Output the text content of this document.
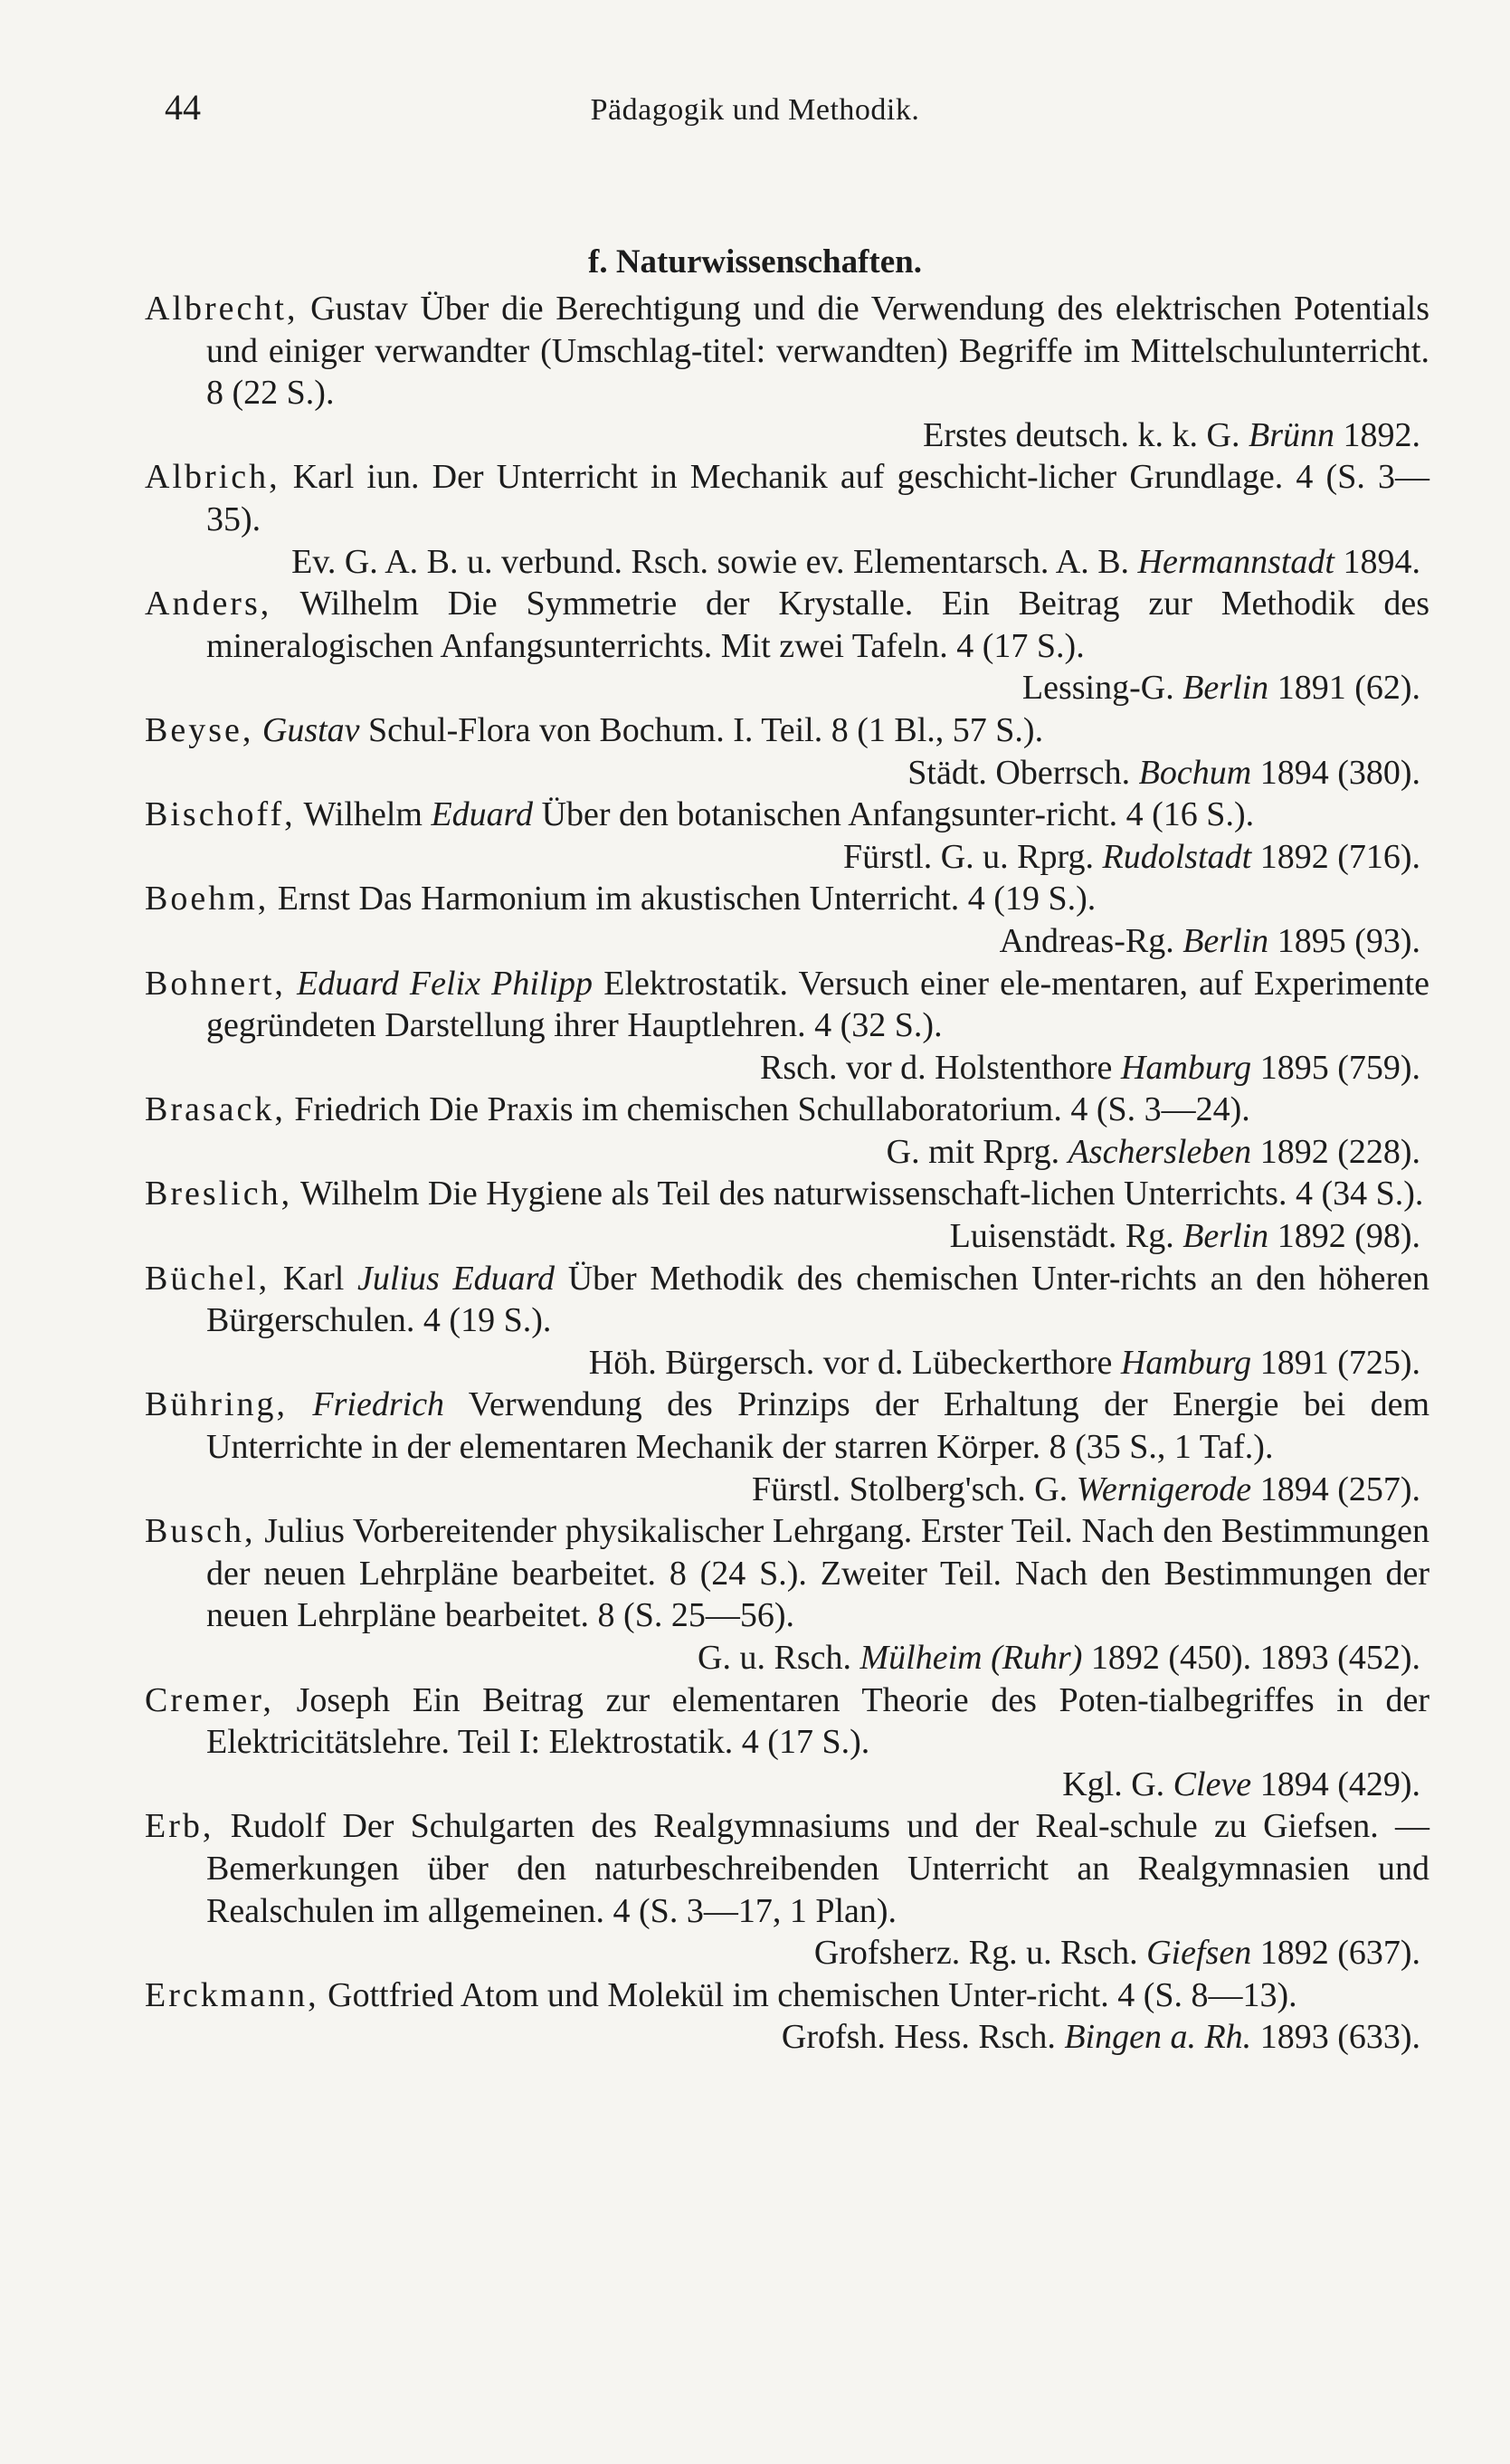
44	Pädagogik und Methodik.
f. Naturwissenschaften.
Albrecht, Gustav Über die Berechtigung und die Verwendung des elektrischen Potentials und einiger verwandter (Umschlag-titel: verwandten) Begriffe im Mittelschulunterricht. 8 (22 S.).
Erstes deutsch. k. k. G. Brünn 1892.
Albrich, Karl iun. Der Unterricht in Mechanik auf geschicht-licher Grundlage. 4 (S. 3—35).
Ev. G. A. B. u. verbund. Rsch. sowie ev. Elementarsch. A. B. Hermannstadt 1894.
Anders, Wilhelm Die Symmetrie der Krystalle. Ein Beitrag zur Methodik des mineralogischen Anfangsunterrichts. Mit zwei Tafeln. 4 (17 S.).
Lessing-G. Berlin 1891 (62).
Beyse, Gustav Schul-Flora von Bochum. I. Teil. 8 (1 Bl., 57 S.).
Städt. Oberrsch. Bochum 1894 (380).
Bischoff, Wilhelm Eduard Über den botanischen Anfangsunter-richt. 4 (16 S.).
Fürstl. G. u. Rprg. Rudolstadt 1892 (716).
Boehm, Ernst Das Harmonium im akustischen Unterricht. 4 (19 S.).
Andreas-Rg. Berlin 1895 (93).
Bohnert, Eduard Felix Philipp Elektrostatik. Versuch einer ele-mentaren, auf Experimente gegründeten Darstellung ihrer Hauptlehren. 4 (32 S.).
Rsch. vor d. Holstenthore Hamburg 1895 (759).
Brasack, Friedrich Die Praxis im chemischen Schullaboratorium. 4 (S. 3—24).
G. mit Rprg. Aschersleben 1892 (228).
Breslich, Wilhelm Die Hygiene als Teil des naturwissenschaft-lichen Unterrichts. 4 (34 S.).
Luisenstädt. Rg. Berlin 1892 (98).
Büchel, Karl Julius Eduard Über Methodik des chemischen Unter-richts an den höheren Bürgerschulen. 4 (19 S.).
Höh. Bürgersch. vor d. Lübeckerthore Hamburg 1891 (725).
Bühring, Friedrich Verwendung des Prinzips der Erhaltung der Energie bei dem Unterrichte in der elementaren Mechanik der starren Körper. 8 (35 S., 1 Taf.).
Fürstl. Stolberg'sch. G. Wernigerode 1894 (257).
Busch, Julius Vorbereitender physikalischer Lehrgang. Erster Teil. Nach den Bestimmungen der neuen Lehrpläne bearbeitet. 8 (24 S.). Zweiter Teil. Nach den Bestimmungen der neuen Lehrpläne bearbeitet. 8 (S. 25—56).
G. u. Rsch. Mülheim (Ruhr) 1892 (450). 1893 (452).
Cremer, Joseph Ein Beitrag zur elementaren Theorie des Poten-tialbegriffes in der Elektricitätslehre. Teil I: Elektrostatik. 4 (17 S.).
Kgl. G. Cleve 1894 (429).
Erb, Rudolf Der Schulgarten des Realgymnasiums und der Real-schule zu Giefsen. — Bemerkungen über den naturbeschreibenden Unterricht an Realgymnasien und Realschulen im allgemeinen. 4 (S. 3—17, 1 Plan).
Grofsherz. Rg. u. Rsch. Giefsen 1892 (637).
Erckmann, Gottfried Atom und Molekül im chemischen Unter-richt. 4 (S. 8—13).
Grofsh. Hess. Rsch. Bingen a. Rh. 1893 (633).
